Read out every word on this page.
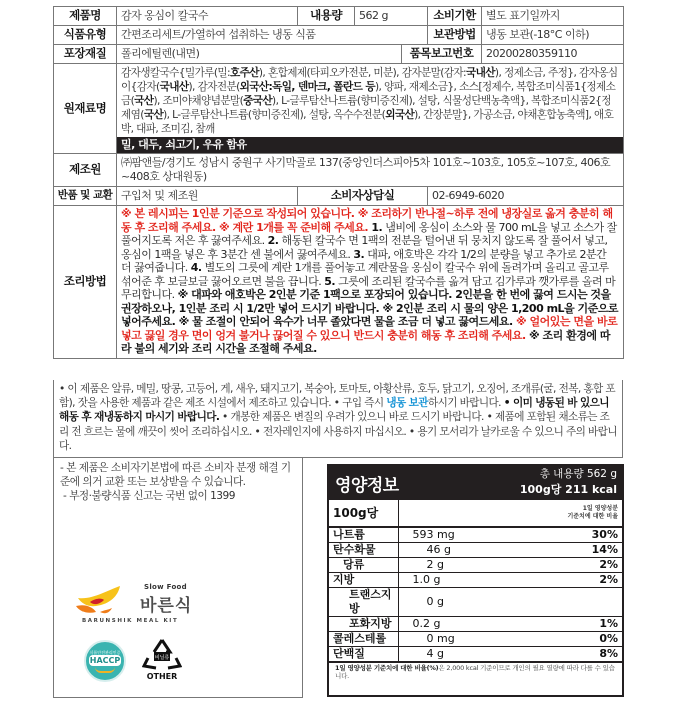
제품명	감자 옹심이 칼국수	내용량	562 g		소비기한	별도 표기일까지
식품유형	간편조리세트/가열하여 섭취하는 냉동 식품				보관방법	냉동 보관(-18°C 이하)
포장재질	폴리에틸렌(내면)			품목보고번호		20200280359110
원재료명	감자생칼국수{밀가루(밀:호주산), 혼합제제(타피오카전분, 미분), 감자분말(감자:국내산), 정제소금, 주정}, 감자옹심이{감자(국내산), 감자전분(외국산:독일, 덴마크, 폴란드 등), 양파, 재제소금}, 소스[정제수, 복합조미식품1{정제소금(국산), 조미야채양념분말(중국산), L-글루탐산나트륨(향미증진제), 설탕, 식물성단백농축액}, 복합조미식품2{정제염(국산), L-글루탐산나트륨(향미증진제), 설탕, 옥수수전분(외국산), 간장분말}, 가공소금, 야채혼합농축액], 애호박, 대파, 조미김, 참깨
밀, 대두, 쇠고기, 우유 함유					

제조원	㈜팜앤들/경기도 성남시 중원구 사기막골로 137(중앙인더스피아5차 101호~103호, 105호~107호, 406호~408호 상대원동)					
반품 및 교환	구입처 및 제조원	소비자상담실			02-6949-6020	
조리방법	※ 본 레시피는 1인분 기준으로 작성되어 있습니다. ※ 조리하기 반나절~하루 전에 냉장실로 옮겨 충분히 해동 후 조리해 주세요. ※ 계란 1개를 꼭 준비해 주세요. 1. 냄비에 옹심이 소스와 물 700 mL을 넣고 소스가 잘 풀어지도록 저은 후 끓여주세요. 2. 해동된 칼국수 면 1팩의 전분을 털어낸 뒤 뭉치지 않도록 잘 풀어서 넣고, 옹심이 1팩을 넣은 후 3분간 센 불에서 끓여주세요. 3. 대파, 애호박은 각각 1/2의 분량을 넣고 추가로 2분간 더 끓여줍니다. 4. 별도의 그릇에 계란 1개를 풀어놓고 계란물을 옹심이 칼국수 위에 돌려가며 올리고 골고루 섞어준 후 보글보글 끓어오르면 불을 끕니다. 5. 그릇에 조리된 칼국수를 옮겨 담고 김가루과 깻가루를 올려 마무리합니다. ※ 대파와 애호박은 2인분 기준 1팩으로 포장되어 있습니다. 2인분을 한 번에 끓여 드시는 것을 권장하오나, 1인분 조리 시 1/2만 넣어 드시기 바랍니다. ※ 2인분 조리 시 물의 양은 1,200 mL을 기준으로 넣어주세요. ※ 물 조절이 안되어 육수가 너무 졸았다면 물을 조금 더 넣고 끓여드세요. ※ 얼어있는 면을 바로 넣고 끓일 경우 면이 엉겨 불거나 끊어질 수 있으니 반드시 충분히 해동 후 조리해 주세요. ※ 조리 환경에 따라 불의 세기와 조리 시간을 조절해 주세요.					
• 이 제품은 알류, 메밀, 땅콩, 고등어, 게, 새우, 돼지고기, 복숭아, 토마토, 아황산류, 호두, 닭고기, 오징어, 조개류(굴, 전복, 홍합 포함), 잣을 사용한 제품과 같은 제조 시설에서 제조하고 있습니다. • 구입 즉시 냉동 보관하시기 바랍니다. • 이미 냉동된 바 있으니 해동 후 재냉동하지 마시기 바랍니다. • 개봉한 제품은 변질의 우려가 있으니 바로 드시기 바랍니다. • 제품에 포함된 채소류는 조리 전 흐르는 물에 깨끗이 씻어 조리하십시오. • 전자레인지에 사용하지 마십시오. • 용기 모서리가 날카로울 수 있으니 주의 바랍니다.
- 본 제품은 소비자기본법에 따른 소비자 분쟁 해결 기준에 의거 교환 또는 보상받을 수 있습니다.
- 부정·불량식품 신고는 국번 없이 1399
Slow Food
바른식
BARUNSHIK MEAL KIT
식품안전관리인증
HACCP	비닐류
OTHER
영양정보
총 내용량 562 g
100g당 211 kcal
100g당	1일 영양성분
기준치에 대한 비율	

나트륨	593 mg	30%
탄수화물	46 g	14%
당류	2 g	2%
지방	1.0 g	2%
트랜스지방	0 g	
포화지방	0.2 g	1%
콜레스테롤	0 mg	0%
단백질	4 g	8%
1일 영양성분 기준치에 대한 비율(%)은 2,000 kcal 기준이므로 개인의 필요 열량에 따라 다를 수 있습니다.
